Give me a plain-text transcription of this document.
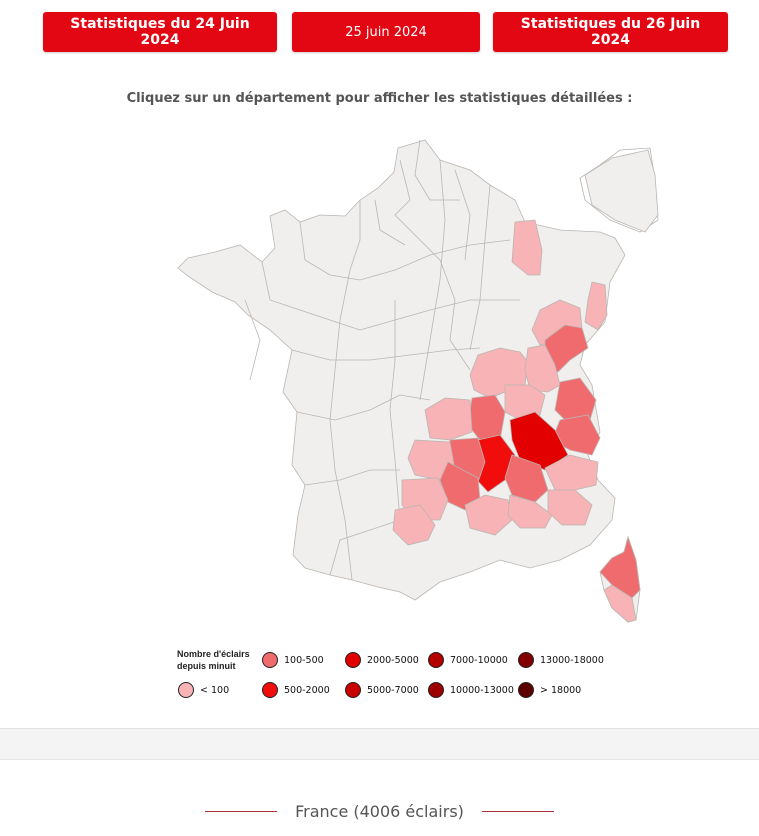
Statistiques du 24 Juin 2024	25 juin 2024	Statistiques du 26 Juin 2024
Cliquez sur un département pour afficher les statistiques détaillées :
Nombre d'éclairs depuis minuit
< 100
100-500
500-2000
2000-5000
5000-7000
7000-10000
10000-13000
13000-18000
> 18000
France (4006 éclairs)
